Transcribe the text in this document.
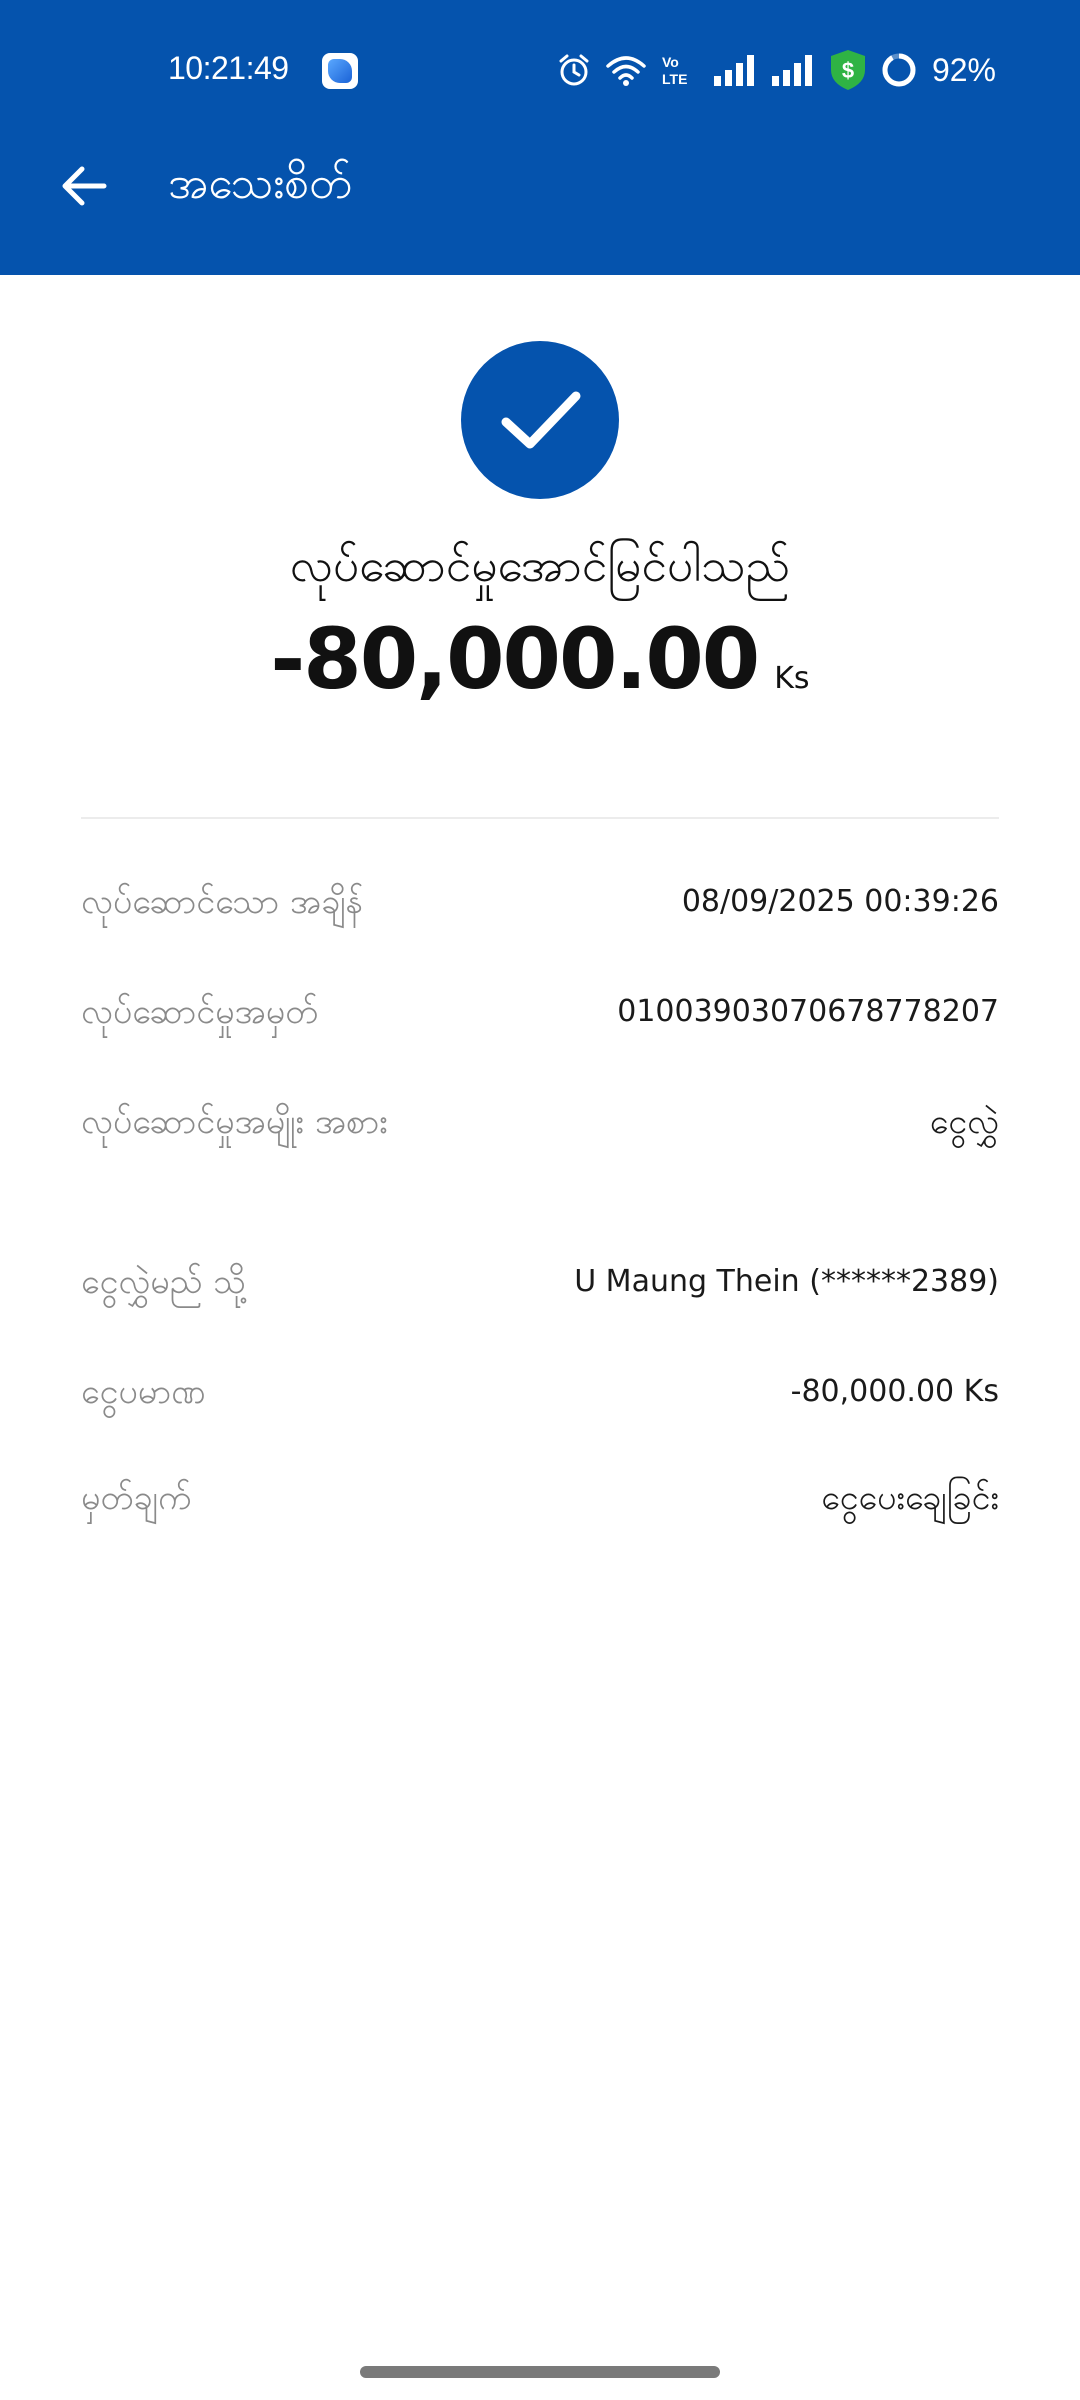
10:21:49	Vo
LTE	$ 92%
အသေးစိတ်
လုပ်ဆောင်မှုအောင်မြင်ပါသည်
-80,000.00 Ks
လုပ်ဆောင်သော အချိန်	08/09/2025 00:39:26
လုပ်ဆောင်မှုအမှတ်	01003903070678778207
လုပ်ဆောင်မှုအမျိုး အစား	ငွေလွှဲ
ငွေလွှဲမည် သို့	U Maung Thein (******2389)
ငွေပမာဏ	-80,000.00 Ks
မှတ်ချက်	ငွေပေးချေခြင်း
